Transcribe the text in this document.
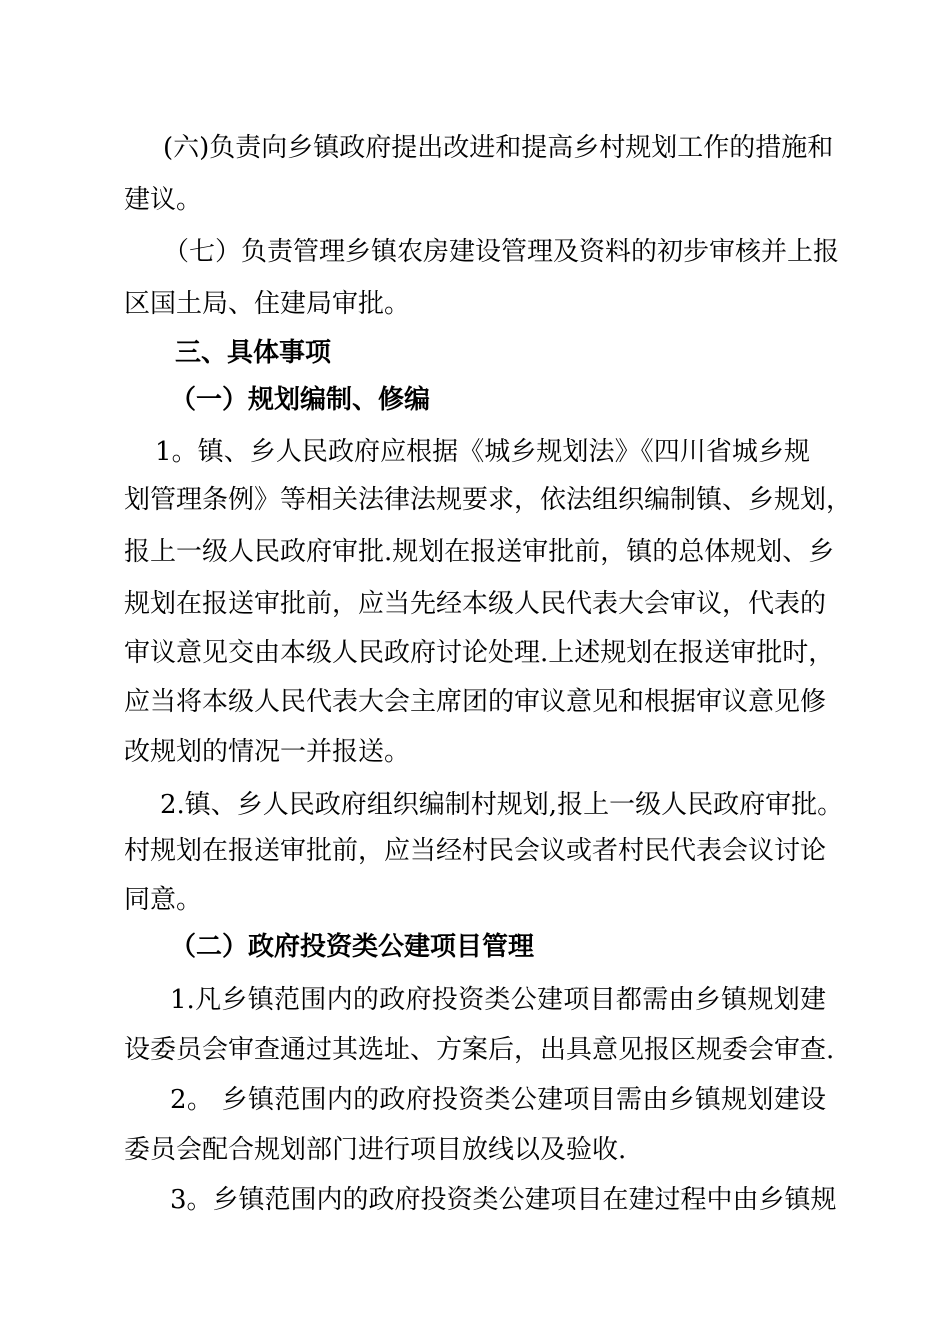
(六)负责向乡镇政府提出改进和提高乡村规划工作的措施和
建议。
（七）负责管理乡镇农房建设管理及资料的初步审核并上报
区国土局、住建局审批。
三、具体事项
（一）规划编制、修编
1。镇、乡人民政府应根据《城乡规划法》《四川省城乡规
划管理条例》等相关法律法规要求，依法组织编制镇、乡规划，
报上一级人民政府审批.规划在报送审批前，镇的总体规划、乡
规划在报送审批前，应当先经本级人民代表大会审议，代表的
审议意见交由本级人民政府讨论处理.上述规划在报送审批时，
应当将本级人民代表大会主席团的审议意见和根据审议意见修
改规划的情况一并报送。
2.镇、乡人民政府组织编制村规划,报上一级人民政府审批。
村规划在报送审批前，应当经村民会议或者村民代表会议讨论
同意。
（二）政府投资类公建项目管理
1.凡乡镇范围内的政府投资类公建项目都需由乡镇规划建
设委员会审查通过其选址、方案后，出具意见报区规委会审查.
2。 乡镇范围内的政府投资类公建项目需由乡镇规划建设
委员会配合规划部门进行项目放线以及验收.
3。乡镇范围内的政府投资类公建项目在建过程中由乡镇规
